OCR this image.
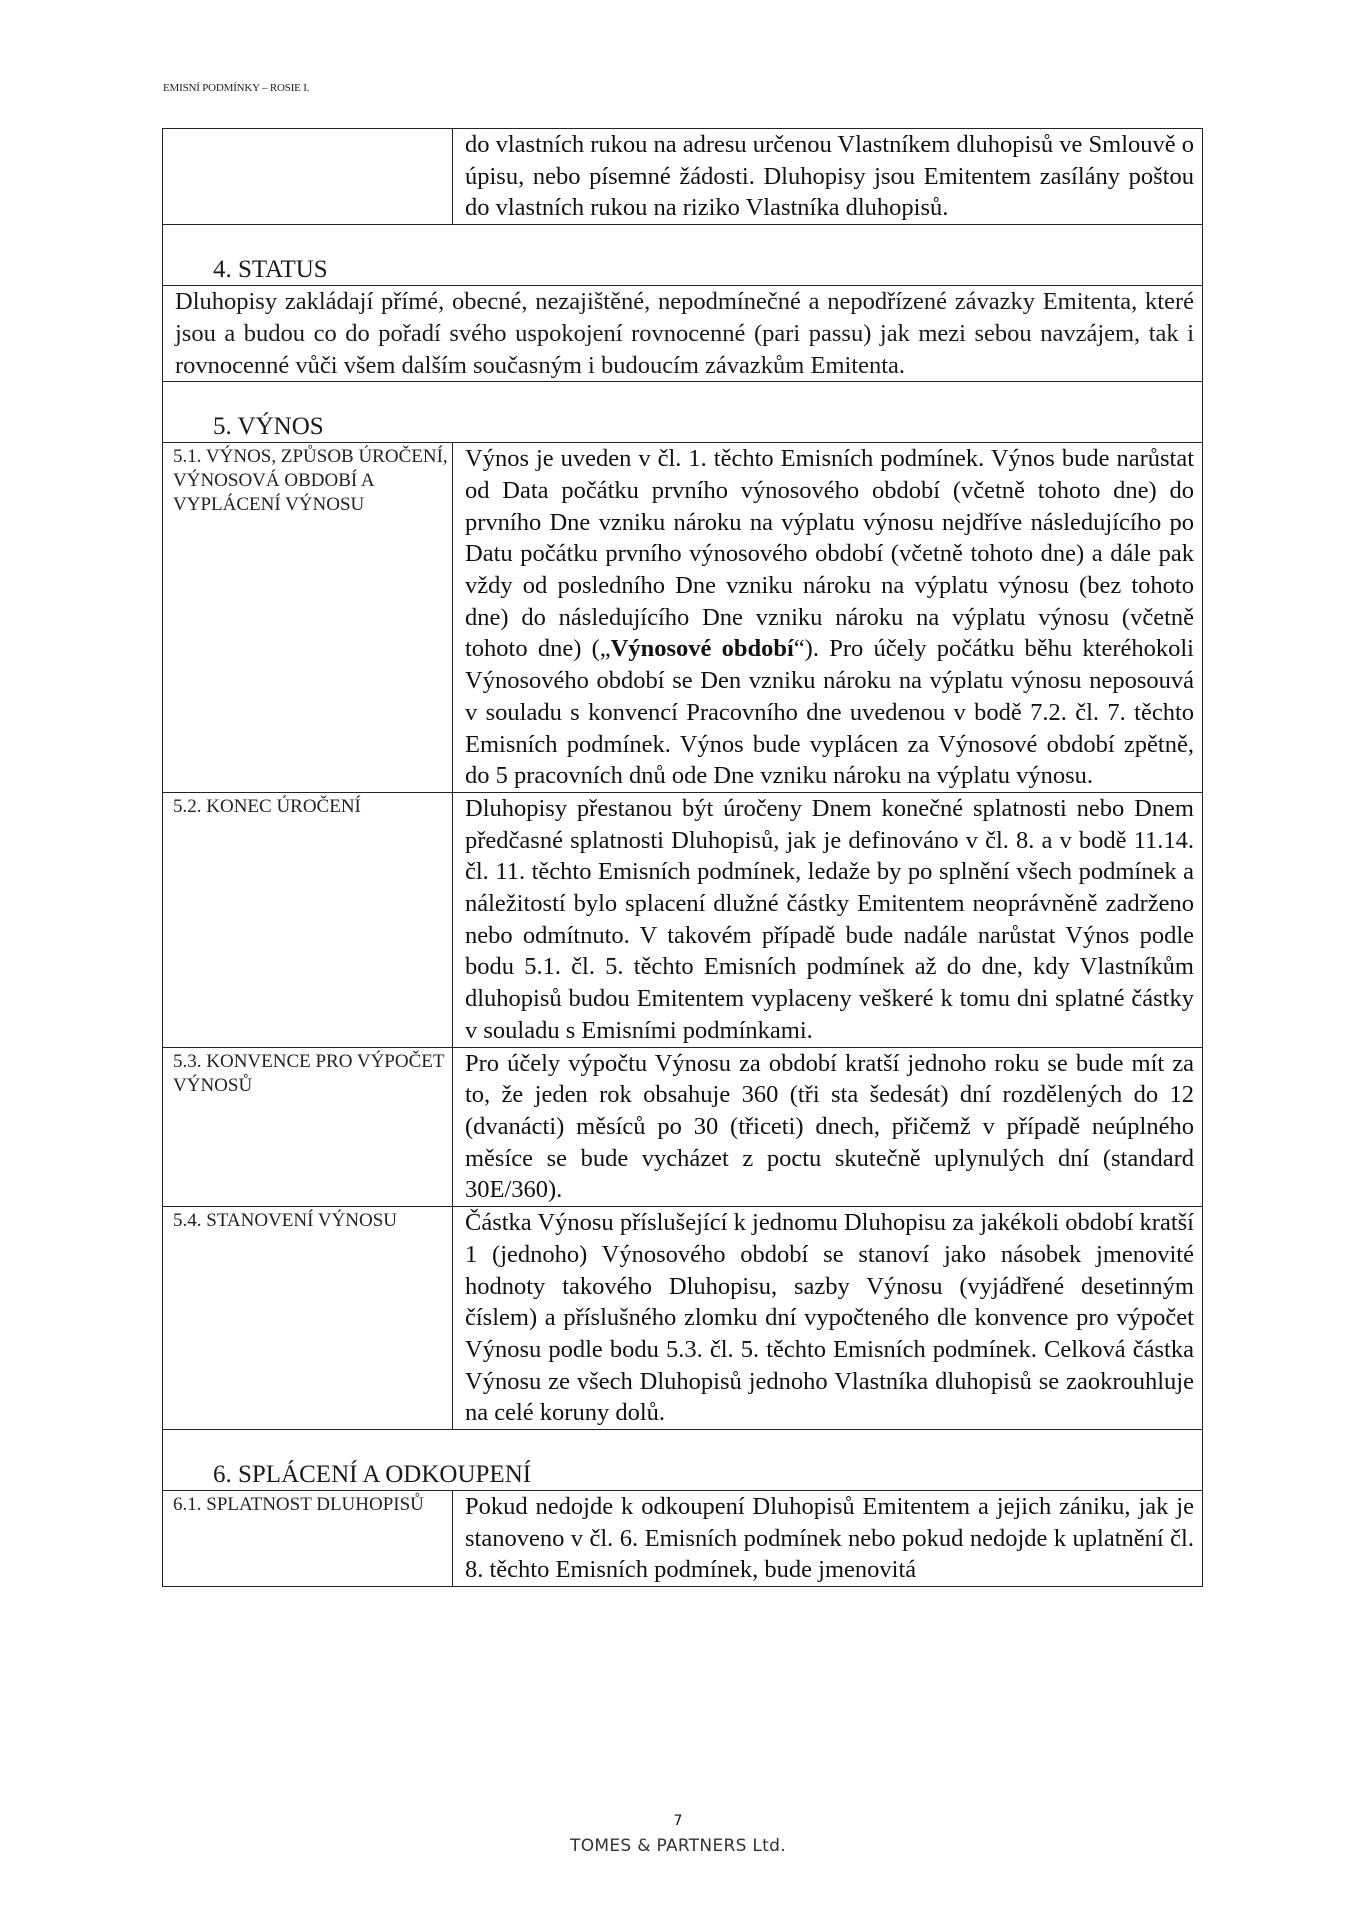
EMISNÍ PODMÍNKY – ROSIE I.

	do vlastních rukou na adresu určenou Vlastníkem dluhopisů ve Smlouvě o úpisu, nebo písemné žádosti. Dluhopisy jsou Emitentem zasílány poštou do vlastních rukou na riziko Vlastníka dluhopisů.

4. STATUS	

Dluhopisy zakládají přímé, obecné, nezajištěné, nepodmínečné a nepodřízené závazky Emitenta, které jsou a budou co do pořadí svého uspokojení rovnocenné (pari passu) jak mezi sebou navzájem, tak i rovnocenné vůči všem dalším současným i budoucím závazkům Emitenta.	

5. VÝNOS	

5.1. VÝNOS, ZPŮSOB ÚROČENÍ, VÝNOSOVÁ OBDOBÍ A VYPLÁCENÍ VÝNOSU	Výnos je uveden v čl. 1. těchto Emisních podmínek. Výnos bude narůstat od Data počátku prvního výnosového období (včetně tohoto dne) do prvního Dne vzniku nároku na výplatu výnosu nejdříve následujícího po Datu počátku prvního výnosového období (včetně tohoto dne) a dále pak vždy od posledního Dne vzniku nároku na výplatu výnosu (bez tohoto dne) do následujícího Dne vzniku nároku na výplatu výnosu (včetně tohoto dne) („Výnosové období“). Pro účely počátku běhu kteréhokoli Výnosového období se Den vzniku nároku na výplatu výnosu neposouvá v souladu s konvencí Pracovního dne uvedenou v bodě 7.2. čl. 7. těchto Emisních podmínek. Výnos bude vyplácen za Výnosové období zpětně, do 5 pracovních dnů ode Dne vzniku nároku na výplatu výnosu.

5.2. KONEC ÚROČENÍ	Dluhopisy přestanou být úročeny Dnem konečné splatnosti nebo Dnem předčasné splatnosti Dluhopisů, jak je definováno v čl. 8. a v bodě 11.14. čl. 11. těchto Emisních podmínek, ledaže by po splnění všech podmínek a náležitostí bylo splacení dlužné částky Emitentem neoprávněně zadrženo nebo odmítnuto. V takovém případě bude nadále narůstat Výnos podle bodu 5.1. čl. 5. těchto Emisních podmínek až do dne, kdy Vlastníkům dluhopisů budou Emitentem vyplaceny veškeré k tomu dni splatné částky v souladu s Emisními podmínkami.

5.3. KONVENCE PRO VÝPOČET VÝNOSŮ	Pro účely výpočtu Výnosu za období kratší jednoho roku se bude mít za to, že jeden rok obsahuje 360 (tři sta šedesát) dní rozdělených do 12 (dvanácti) měsíců po 30 (třiceti) dnech, přičemž v případě neúplného měsíce se bude vycházet z poctu skutečně uplynulých dní (standard 30E/360).

5.4. STANOVENÍ VÝNOSU	Částka Výnosu příslušející k jednomu Dluhopisu za jakékoli období kratší 1 (jednoho) Výnosového období se stanoví jako násobek jmenovité hodnoty takového Dluhopisu, sazby Výnosu (vyjádřené desetinným číslem) a příslušného zlomku dní vypočteného dle konvence pro výpočet Výnosu podle bodu 5.3. čl. 5. těchto Emisních podmínek. Celková částka Výnosu ze všech Dluhopisů jednoho Vlastníka dluhopisů se zaokrouhluje na celé koruny dolů.

6. SPLÁCENÍ A ODKOUPENÍ	

6.1. SPLATNOST DLUHOPISŮ	Pokud nedojde k odkoupení Dluhopisů Emitentem a jejich zániku, jak je stanoveno v čl. 6. Emisních podmínek nebo pokud nedojde k uplatnění čl. 8. těchto Emisních podmínek, bude jmenovitá
7
TOMES & PARTNERS Ltd.
